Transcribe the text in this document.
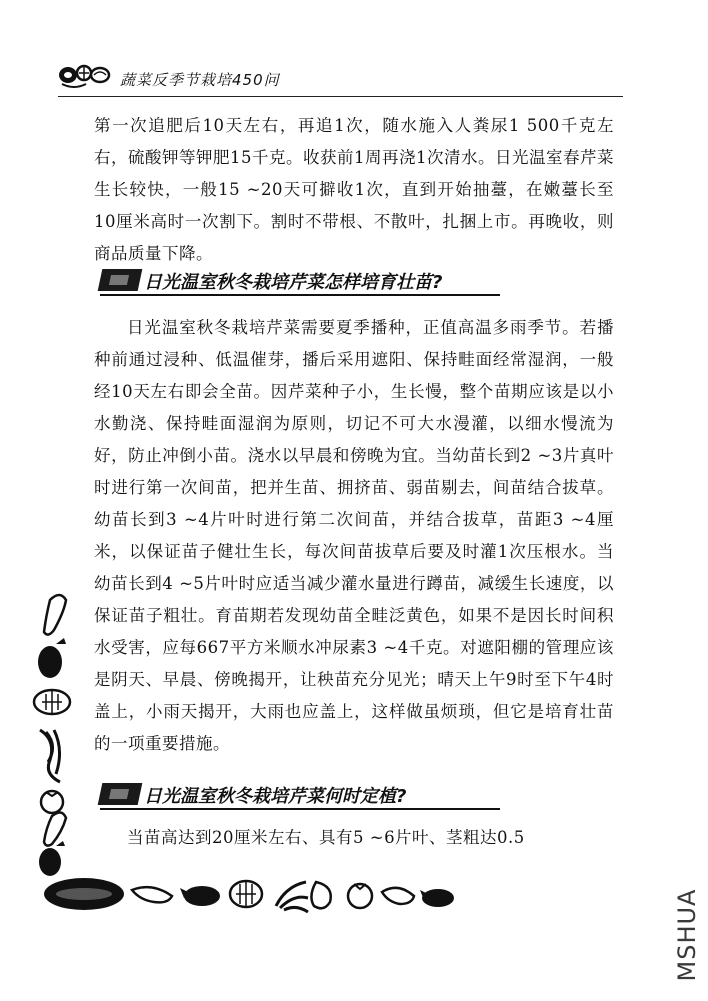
蔬菜反季节栽培450问
第一次追肥后10天左右，再追1次，随水施入人粪尿1 500千克左右，硫酸钾等钾肥15千克。收获前1周再浇1次清水。日光温室春芹菜生长较快，一般15 ~20天可擗收1次，直到开始抽薹，在嫩薹长至10厘米高时一次割下。割时不带根、不散叶，扎捆上市。再晚收，则商品质量下降。
日光温室秋冬栽培芹菜怎样培育壮苗?
日光温室秋冬栽培芹菜需要夏季播种，正值高温多雨季节。若播种前通过浸种、低温催芽，播后采用遮阳、保持畦面经常湿润，一般经10天左右即会全苗。因芹菜种子小，生长慢，整个苗期应该是以小水勤浇、保持畦面湿润为原则，切记不可大水漫灌，以细水慢流为好，防止冲倒小苗。浇水以早晨和傍晚为宜。当幼苗长到2 ~3片真叶时进行第一次间苗，把并生苗、拥挤苗、弱苗剔去，间苗结合拔草。幼苗长到3 ~4片叶时进行第二次间苗，并结合拔草，苗距3 ~4厘米，以保证苗子健壮生长，每次间苗拔草后要及时灌1次压根水。当幼苗长到4 ~5片叶时应适当减少灌水量进行蹲苗，减缓生长速度，以保证苗子粗壮。育苗期若发现幼苗全畦泛黄色，如果不是因长时间积水受害，应每667平方米顺水冲尿素3 ~4千克。对遮阳棚的管理应该是阴天、早晨、傍晚揭开，让秧苗充分见光；晴天上午9时至下午4时盖上，小雨天揭开，大雨也应盖上，这样做虽烦琐，但它是培育壮苗的一项重要措施。
日光温室秋冬栽培芹菜何时定植?
当苗高达到20厘米左右、具有5 ~6片叶、茎粗达0.5
MSHUA
